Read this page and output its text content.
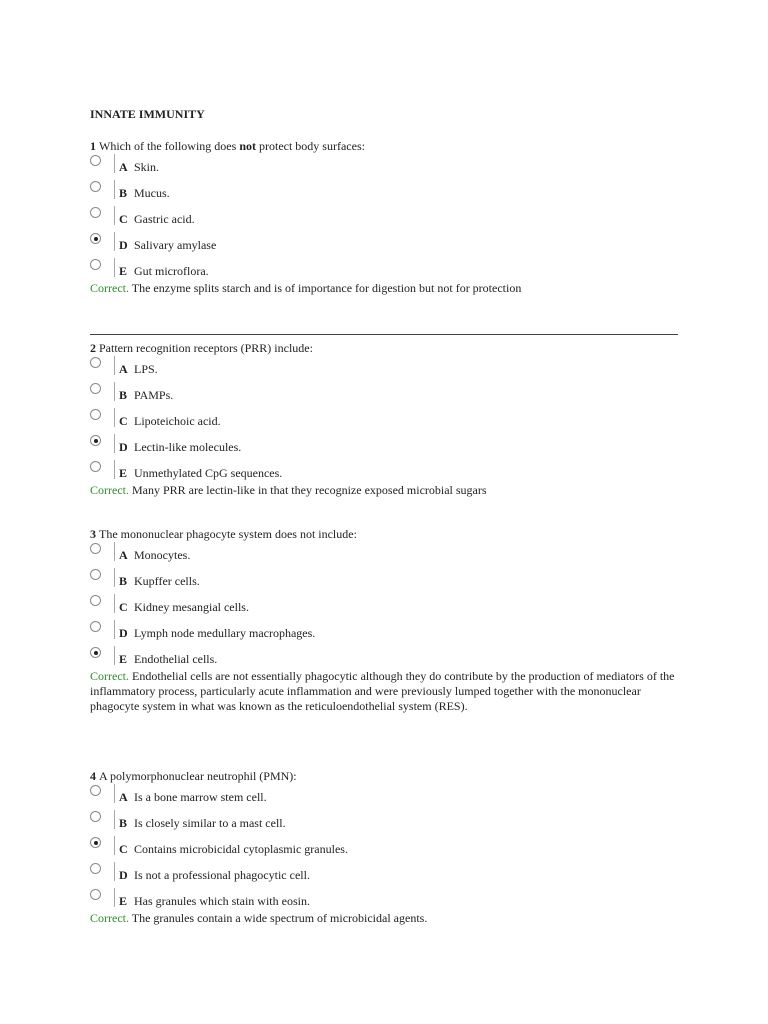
INNATE IMMUNITY
1 Which of the following does not protect body surfaces:
A Skin.
B Mucus.
C Gastric acid.
D Salivary amylase
E Gut microflora.
Correct. The enzyme splits starch and is of importance for digestion but not for protection
2 Pattern recognition receptors (PRR) include:
A LPS.
B PAMPs.
C Lipoteichoic acid.
D Lectin-like molecules.
E Unmethylated CpG sequences.
Correct. Many PRR are lectin-like in that they recognize exposed microbial sugars
3 The mononuclear phagocyte system does not include:
A Monocytes.
B Kupffer cells.
C Kidney mesangial cells.
D Lymph node medullary macrophages.
E Endothelial cells.
Correct. Endothelial cells are not essentially phagocytic although they do contribute by the production of mediators of the inflammatory process, particularly acute inflammation and were previously lumped together with the mononuclear phagocyte system in what was known as the reticuloendothelial system (RES).
4 A polymorphonuclear neutrophil (PMN):
A Is a bone marrow stem cell.
B Is closely similar to a mast cell.
C Contains microbicidal cytoplasmic granules.
D Is not a professional phagocytic cell.
E Has granules which stain with eosin.
Correct. The granules contain a wide spectrum of microbicidal agents.
